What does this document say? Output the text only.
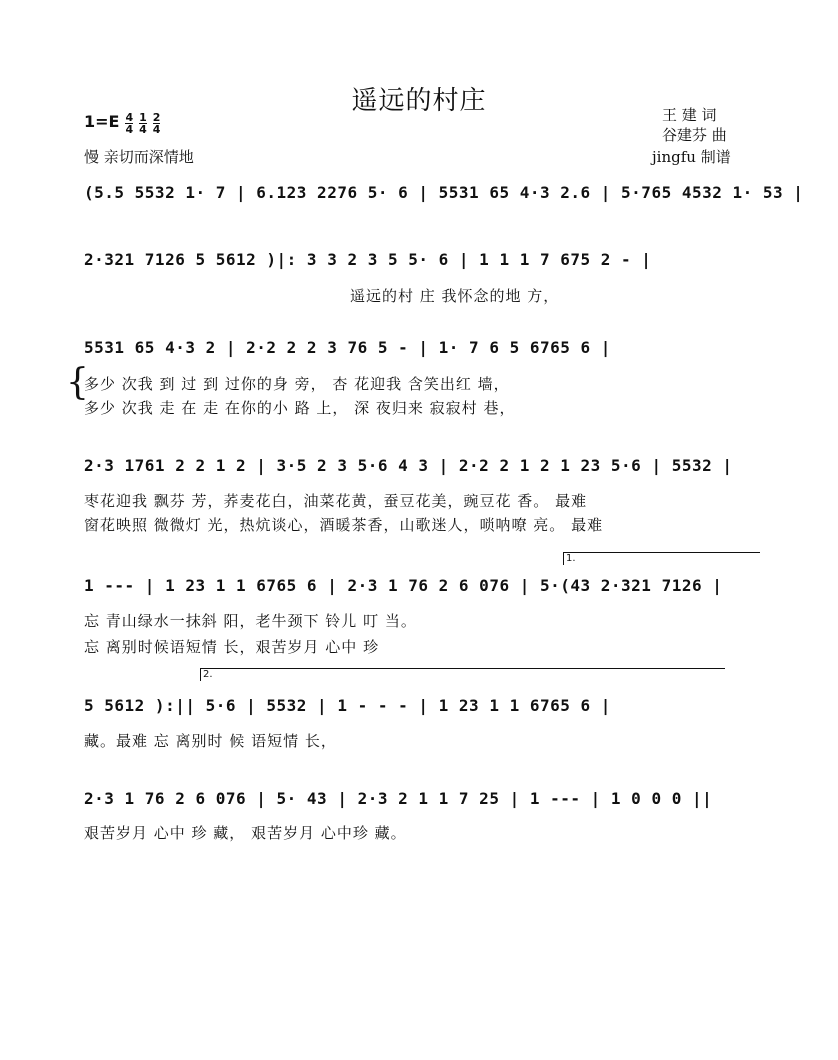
遥远的村庄
$1=E \frac{4}{4}$
$\frac{1}{4}$
$\frac{2}{4}$
慢 亲切而深情地
王 建 词
谷建芬 曲
jingfu 制谱
(5.5 5532 1· 7 | 6.123 2276 5· 6 | 5531 65 4·3 2.6 | 5·765 4532 1· 53 |
2·321 7126 5 5612 )|: 3 3 2 3 5 5· 6 | 1 1 1 7 675 2 - |
遥远的村 庄 我怀念的地 方，
5531 65 4·3 2 | 2·2 2 2 3 76 5 - | 1· 7 6 5 6765 6 |
{
多少 次我 到 过 到 过你的身 旁， 杏 花迎我 含笑出红 墙，
多少 次我 走 在 走 在你的小 路 上， 深 夜归来 寂寂村 巷，
2·3 1761 2 2 1 2 | 3·5 2 3 5·6 4 3 | 2·2 2 1 2 1 23 5·6 | 5532 |
枣花迎我 飘芬 芳，荞麦花白，油菜花黄，蚕豆花美，豌豆花 香。 最难
窗花映照 微微灯 光，热炕谈心，酒暖茶香，山歌迷人，唢呐嘹 亮。 最难
1.
1 --- | 1 23 1 1 6765 6 | 2·3 1 76 2 6 076 | 5·(43 2·321 7126 |
忘 青山绿水一抹斜 阳，老牛颈下 铃儿 叮 当。
忘 离别时候语短情 长，艰苦岁月 心中 珍
2.
5 5612 ):|| 5·6 | 5532 | 1 - - - | 1 23 1 1 6765 6 |
藏。最难 忘 离别时 候 语短情 长，
2·3 1 76 2 6 076 | 5· 43 | 2·3 2 1 1 7 25 | 1 --- | 1 0 0 0 ||
艰苦岁月 心中 珍 藏， 艰苦岁月 心中珍 藏。
